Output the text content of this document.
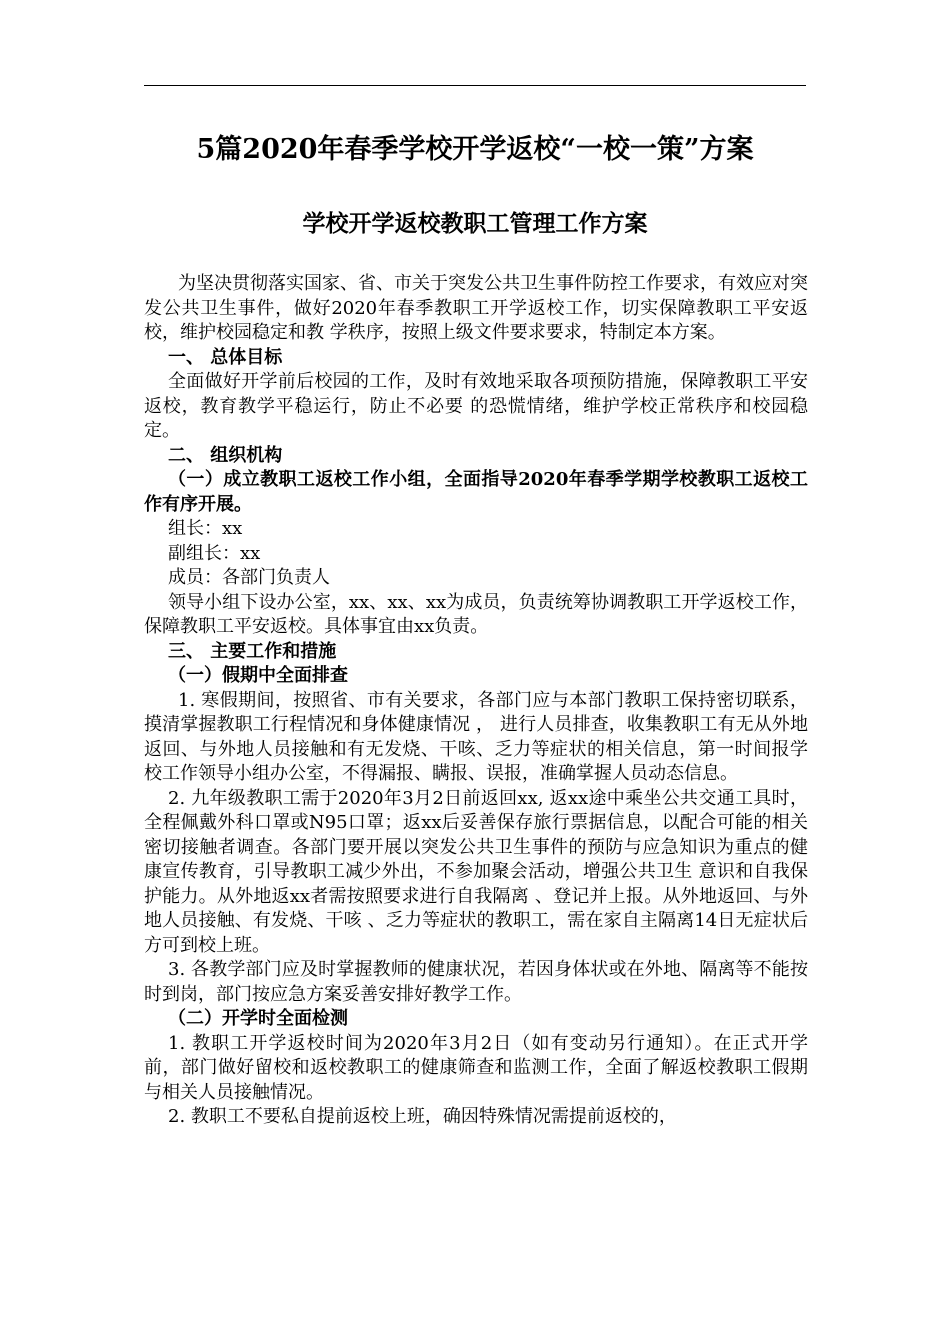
5篇2020年春季学校开学返校“一校一策”方案
学校开学返校教职工管理工作方案

为坚决贯彻落实国家、省、市关于突发公共卫生事件防控工作要求，有效应对突发公共卫生事件，做好2020年春季教职工开学返校工作，切实保障教职工平安返校，维护校园稳定和教 学秩序，按照上级文件要求要求，特制定本方案。

一、 总体目标

全面做好开学前后校园的工作，及时有效地采取各项预防措施，保障教职工平安返校，教育教学平稳运行，防止不必要 的恐慌情绪，维护学校正常秩序和校园稳定。

二、 组织机构

（一）成立教职工返校工作小组，全面指导2020年春季学期学校教职工返校工作有序开展。

组长：xx

副组长：xx

成员：各部门负责人

领导小组下设办公室，xx、xx、xx为成员，负责统筹协调教职工开学返校工作，保障教职工平安返校。具体事宜由xx负责。

三、 主要工作和措施

（一）假期中全面排查

1. 寒假期间，按照省、市有关要求，各部门应与本部门教职工保持密切联系，摸清掌握教职工行程情况和身体健康情况 ， 进行人员排查，收集教职工有无从外地返回、与外地人员接触和有无发烧、干咳、乏力等症状的相关信息，第一时间报学校工作领导小组办公室，不得漏报、瞒报、误报，准确掌握人员动态信息。

2. 九年级教职工需于2020年3月2日前返回xx, 返xx途中乘坐公共交通工具时，全程佩戴外科口罩或N95口罩；返xx后妥善保存旅行票据信息，以配合可能的相关密切接触者调查。各部门要开展以突发公共卫生事件的预防与应急知识为重点的健康宣传教育，引导教职工减少外出，不参加聚会活动，增强公共卫生 意识和自我保护能力。从外地返xx者需按照要求进行自我隔离 、登记并上报。从外地返回、与外地人员接触、有发烧、干咳 、乏力等症状的教职工，需在家自主隔离14日无症状后方可到校上班。

3. 各教学部门应及时掌握教师的健康状况，若因身体状或在外地、隔离等不能按时到岗，部门按应急方案妥善安排好教学工作。

（二）开学时全面检测

1. 教职工开学返校时间为2020年3月2日（如有变动另行通知）。在正式开学前，部门做好留校和返校教职工的健康筛查和监测工作，全面了解返校教职工假期与相关人员接触情况。

2. 教职工不要私自提前返校上班，确因特殊情况需提前返校的，
